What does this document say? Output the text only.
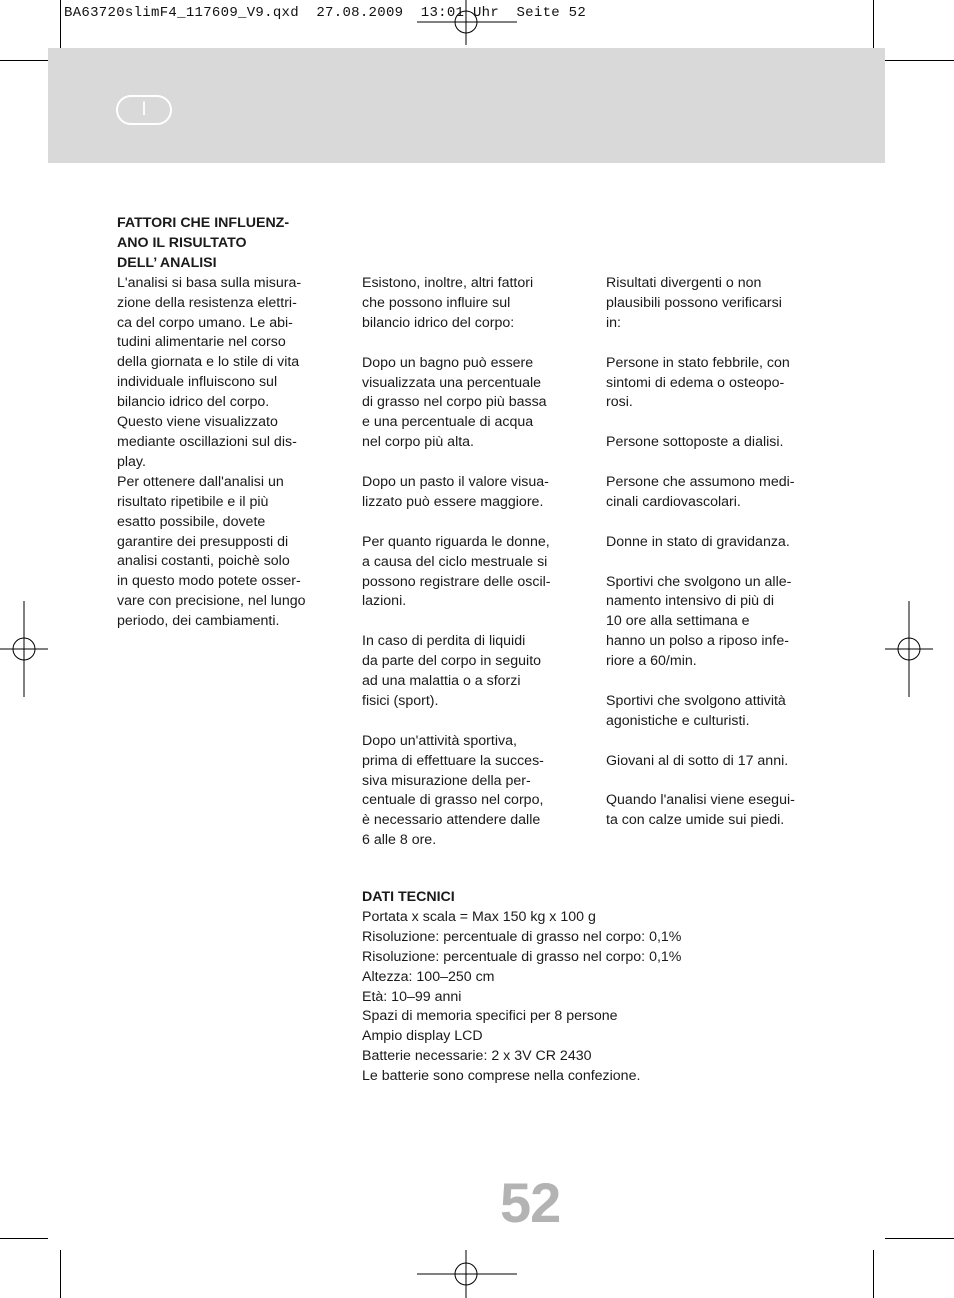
BA63720slimF4_117609_V9.qxd  27.08.2009  13:01 Uhr  Seite 52
I
FATTORI CHE INFLUENZ-
ANO IL RISULTATO
DELL’ ANALISI
L'analisi si basa sulla misura-
zione della resistenza elettri-
ca del corpo umano. Le abi-
tudini alimentarie nel corso
della giornata e lo stile di vita
individuale influiscono sul
bilancio idrico del corpo.
Questo viene visualizzato
mediante oscillazioni sul dis-
play.
Per ottenere dall'analisi un
risultato ripetibile e il più
esatto possibile, dovete
garantire dei presupposti di
analisi costanti, poichè solo
in questo modo potete osser-
vare con precisione, nel lungo
periodo, dei cambiamenti.

Esistono, inoltre, altri fattori
che possono influire sul
bilancio idrico del corpo:

Dopo un bagno può essere
visualizzata una percentuale
di grasso nel corpo più bassa
e una percentuale di acqua
nel corpo più alta.

Dopo un pasto il valore visua-
lizzato può essere maggiore.

Per quanto riguarda le donne,
a causa del ciclo mestruale si
possono registrare delle oscil-
lazioni.

In caso di perdita di liquidi
da parte del corpo in seguito
ad una malattia o a sforzi
fisici (sport).

Dopo un'attività sportiva,
prima di effettuare la succes-
siva misurazione della per-
centuale di grasso nel corpo,
è necessario attendere dalle
6 alle 8 ore.

Risultati divergenti o non
plausibili possono verificarsi
in:

Persone in stato febbrile, con
sintomi di edema o osteopo-
rosi.

Persone sottoposte a dialisi.

Persone che assumono medi-
cinali cardiovascolari.

Donne in stato di gravidanza.

Sportivi che svolgono un alle-
namento intensivo di più di
10 ore alla settimana e
hanno un polso a riposo infe-
riore a 60/min.

Sportivi che svolgono attività
agonistiche e culturisti.

Giovani al di sotto di 17 anni.

Quando l'analisi viene esegui-
ta con calze umide sui piedi.

DATI TECNICI

Portata x scala = Max 150 kg x 100 g

Risoluzione: percentuale di grasso nel corpo: 0,1%

Risoluzione: percentuale di grasso nel corpo: 0,1%

Altezza: 100–250 cm

Età: 10–99 anni

Spazi di memoria specifici per 8 persone

Ampio display LCD

Batterie necessarie: 2 x 3V CR 2430

Le batterie sono comprese nella confezione.

52
